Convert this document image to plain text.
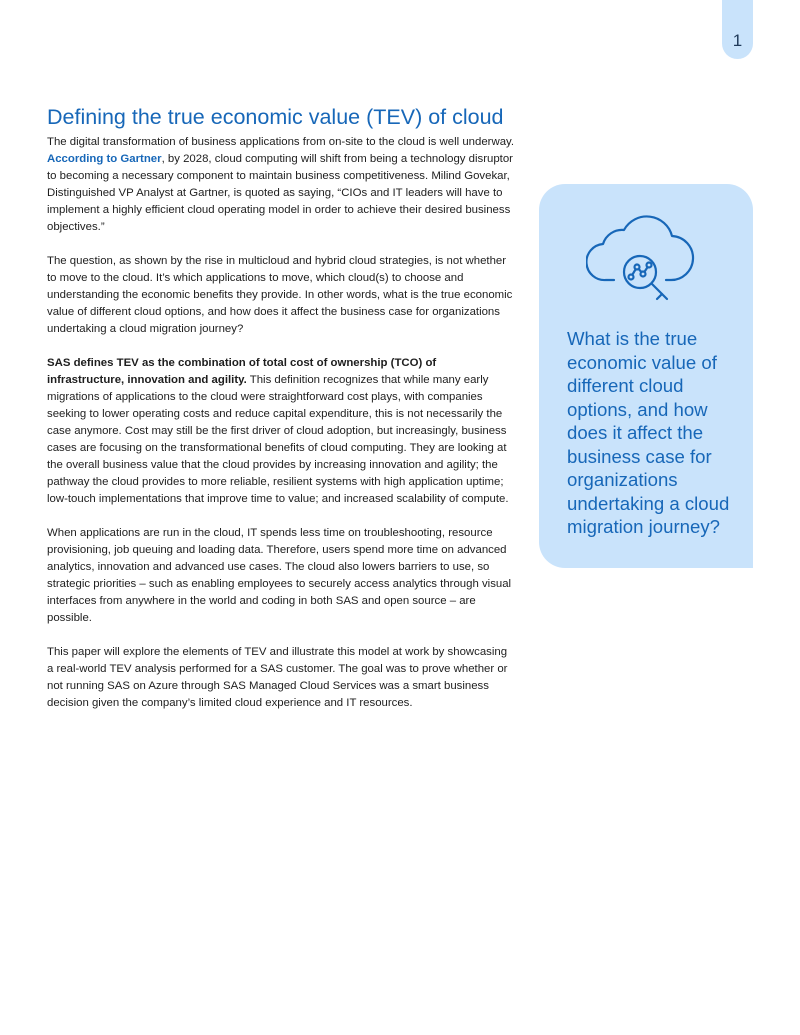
1
Defining the true economic value (TEV) of cloud

The digital transformation of business applications from on-site to the cloud is well underway. According to Gartner, by 2028, cloud computing will shift from being a technology disruptor to becoming a necessary component to maintain business competitiveness. Milind Govekar, Distinguished VP Analyst at Gartner, is quoted as saying, “CIOs and IT leaders will have to implement a highly efficient cloud operating model in order to achieve their desired business objectives.”

The question, as shown by the rise in multicloud and hybrid cloud strategies, is not whether to move to the cloud. It’s which applications to move, which cloud(s) to choose and understanding the economic benefits they provide. In other words, what is the true economic value of different cloud options, and how does it affect the business case for organizations undertaking a cloud migration journey?

SAS defines TEV as the combination of total cost of ownership (TCO) of infrastructure, innovation and agility. This definition recognizes that while many early migrations of applications to the cloud were straightforward cost plays, with companies seeking to lower operating costs and reduce capital expenditure, this is not necessarily the case anymore. Cost may still be the first driver of cloud adoption, but increasingly, business cases are focusing on the transformational benefits of cloud computing. They are looking at the overall business value that the cloud provides by increasing innovation and agility; the pathway the cloud provides to more reliable, resilient systems with high application uptime; low-touch implementations that improve time to value; and increased scalability of compute.

When applications are run in the cloud, IT spends less time on troubleshooting, resource provisioning, job queuing and loading data. Therefore, users spend more time on advanced analytics, innovation and advanced use cases. The cloud also lowers barriers to use, so strategic priorities – such as enabling employees to securely access analytics through visual interfaces from anywhere in the world and coding in both SAS and open source – are possible.

This paper will explore the elements of TEV and illustrate this model at work by showcasing a real-world TEV analysis performed for a SAS customer. The goal was to prove whether or not running SAS on Azure through SAS Managed Cloud Services was a smart business decision given the company’s limited cloud experience and IT resources.

What is the true economic value of different cloud options, and how does it affect the business case for organizations undertaking a cloud migration journey?
